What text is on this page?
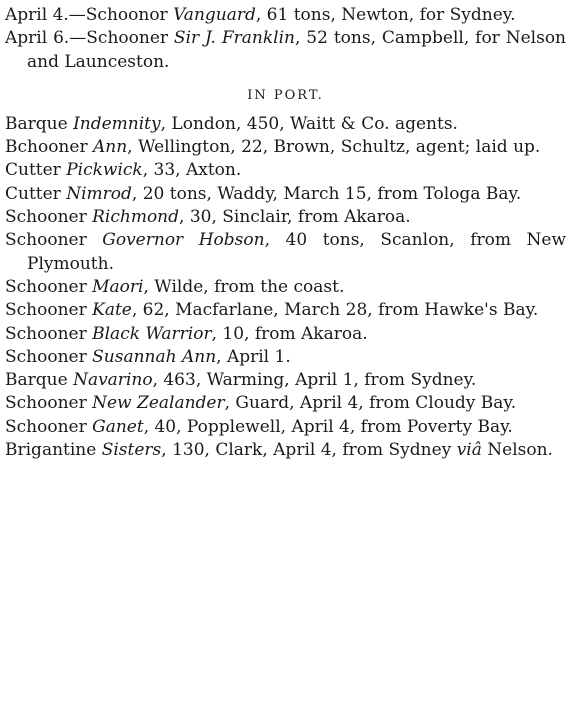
April 4.—Schoonor Vanguard, 61 tons, Newton, for Sydney.

April 6.—Schooner Sir J. Franklin, 52 tons, Campbell, for Nelson and Launceston.

IN PORT.

Barque Indemnity, London, 450, Waitt & Co. agents.

Bchooner Ann, Wellington, 22, Brown, Schultz, agent; laid up.

Cutter Pickwick, 33, Axton.

Cutter Nimrod, 20 tons, Waddy, March 15, from Tologa Bay.

Schooner Richmond, 30, Sinclair, from Akaroa.

Schooner Governor Hobson, 40 tons, Scanlon, from New Plymouth.

Schooner Maori, Wilde, from the coast.

Schooner Kate, 62, Macfarlane, March 28, from Hawke's Bay.

Schooner Black Warrior, 10, from Akaroa.

Schooner Susannah Ann, April 1.

Barque Navarino, 463, Warming, April 1, from Sydney.

Schooner New Zealander, Guard, April 4, from Cloudy Bay.

Schooner Ganet, 40, Popplewell, April 4, from Poverty Bay.

Brigantine Sisters, 130, Clark, April 4, from Sydney viâ Nelson.
